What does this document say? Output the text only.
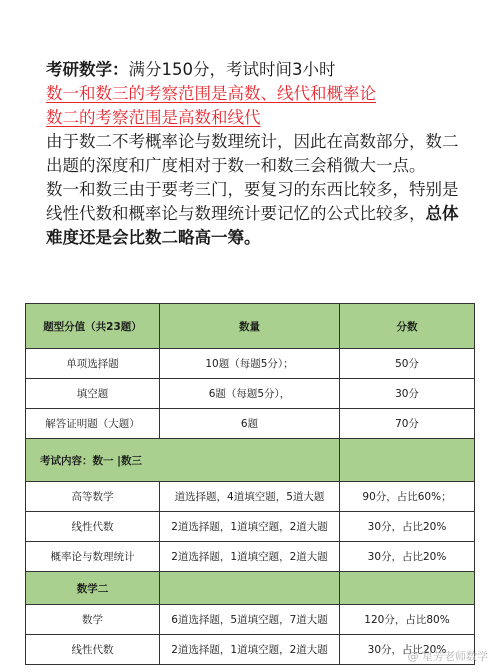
考研数学：满分150分，考试时间3小时
数一和数三的考察范围是高数、线代和概率论
数二的考察范围是高数和线代
由于数二不考概率论与数理统计，因此在高数部分，数二出题的深度和广度相对于数一和数三会稍微大一点。
数一和数三由于要考三门，要复习的东西比较多，特别是线性代数和概率论与数理统计要记忆的公式比较多，总体难度还是会比数二略高一筹。
题型分值（共23题）	数量	分数
单项选择题	10题（每题5分）；	50分
填空题	6题（每题5分），	30分
解答证明题（大题）	6题	70分
考试内容：数一 |数三		
高等数学	道选择题，4道填空题，5道大题	90分，占比60%；
线性代数	2道选择题，1道填空题，2道大题	30分，占比20%
概率论与数理统计	2道选择题，1道填空题，2道大题	30分，占比20%
数学二		
数学	6道选择题，5道填空题，7道大题	120分，占比80%
线性代数	2道选择题，1道填空题，2道大题	30分，占比20%
@ 星芳老师数学
